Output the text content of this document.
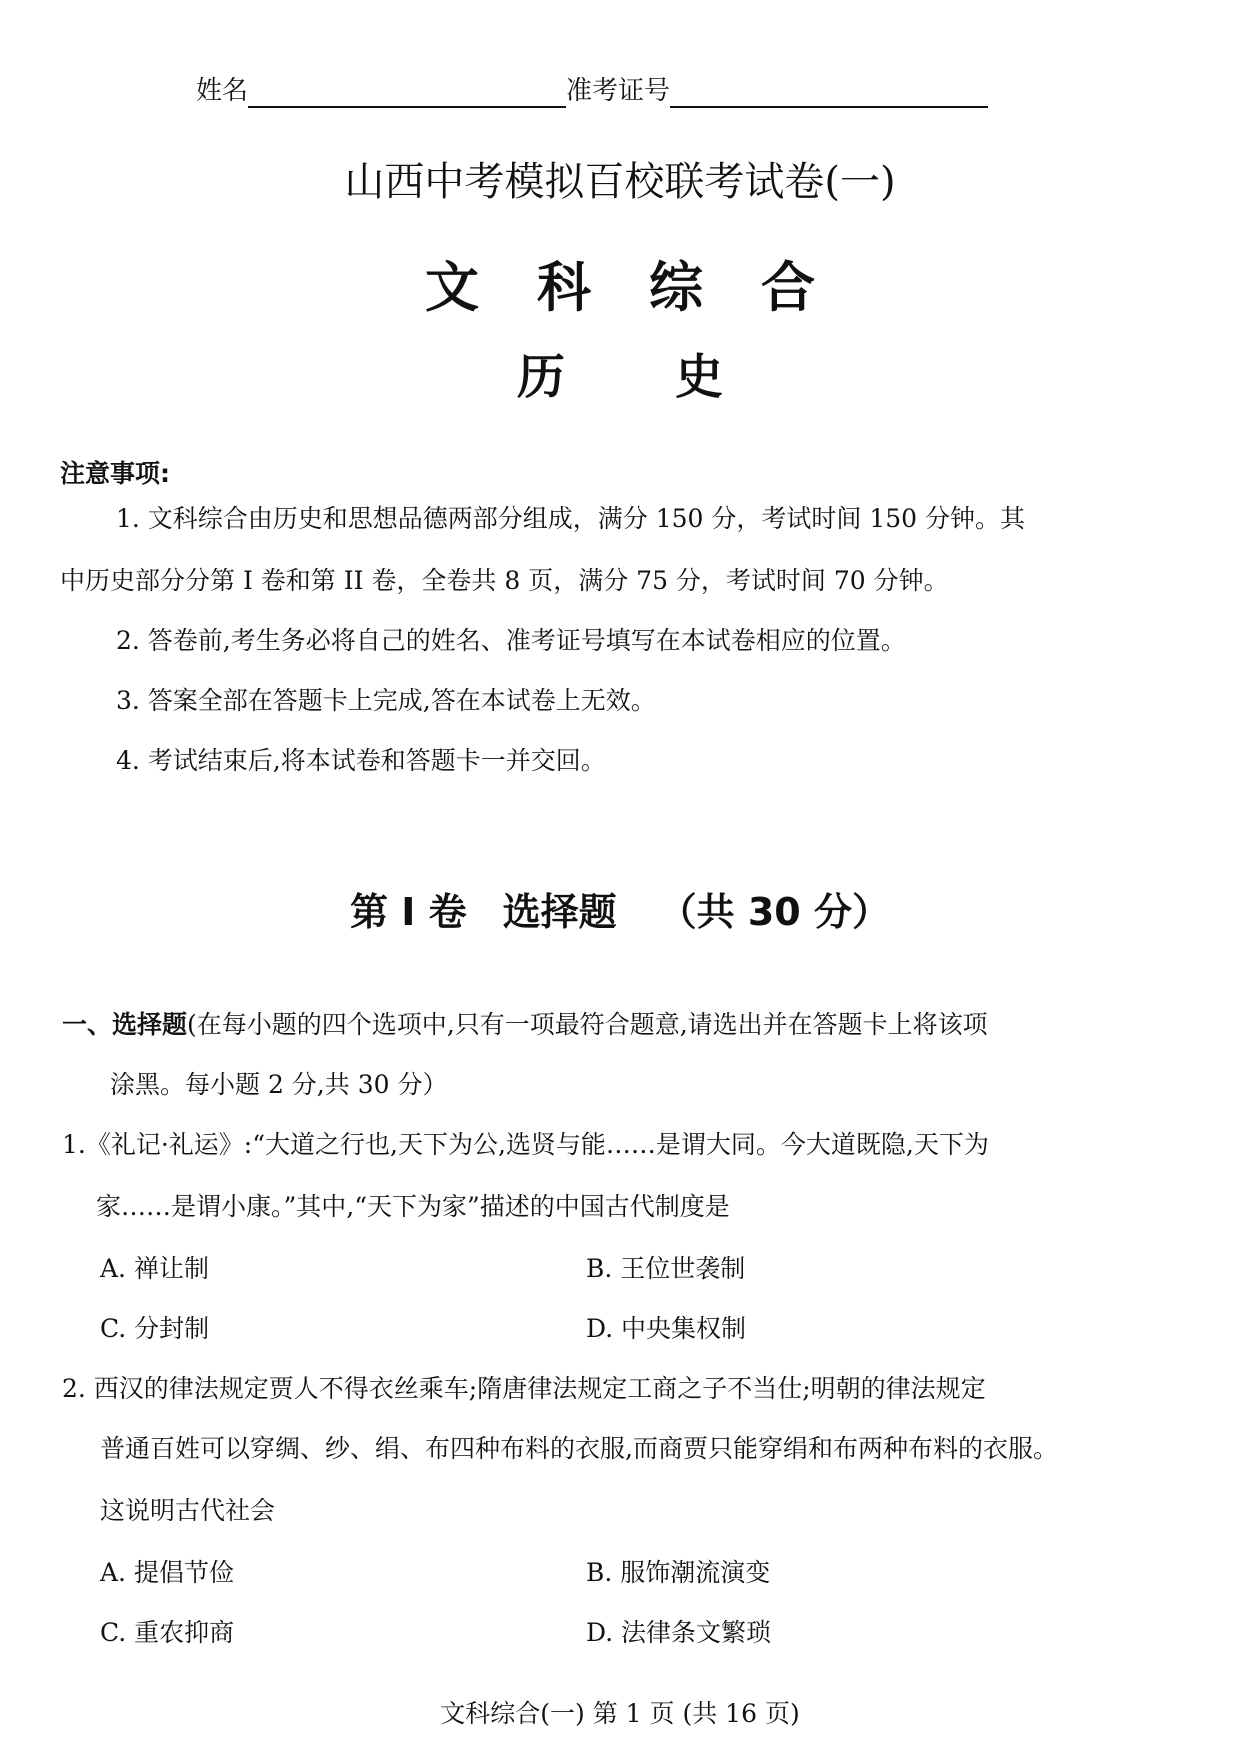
姓名	准考证号
山西中考模拟百校联考试卷(一)
文科综合
历史
注意事项:
1. 文科综合由历史和思想品德两部分组成，满分 150 分，考试时间 150 分钟。其
中历史部分分第 I 卷和第 II 卷，全卷共 8 页，满分 75 分，考试时间 70 分钟。
2. 答卷前,考生务必将自己的姓名、准考证号填写在本试卷相应的位置。
3. 答案全部在答题卡上完成,答在本试卷上无效。
4. 考试结束后,将本试卷和答题卡一并交回。
第 I 卷 选择题 （共 30 分）
一、选择题(在每小题的四个选项中,只有一项最符合题意,请选出并在答题卡上将该项
涂黑。每小题 2 分,共 30 分）
1.《礼记·礼运》:“大道之行也,天下为公,选贤与能……是谓大同。今大道既隐,天下为
家……是谓小康。”其中,“天下为家”描述的中国古代制度是
A. 禅让制	B. 王位世袭制
C. 分封制	D. 中央集权制
2. 西汉的律法规定贾人不得衣丝乘车;隋唐律法规定工商之子不当仕;明朝的律法规定
普通百姓可以穿绸、纱、绢、布四种布料的衣服,而商贾只能穿绢和布两种布料的衣服。
这说明古代社会
A. 提倡节俭	B. 服饰潮流演变
C. 重农抑商	D. 法律条文繁琐
文科综合(一) 第 1 页 (共 16 页)
